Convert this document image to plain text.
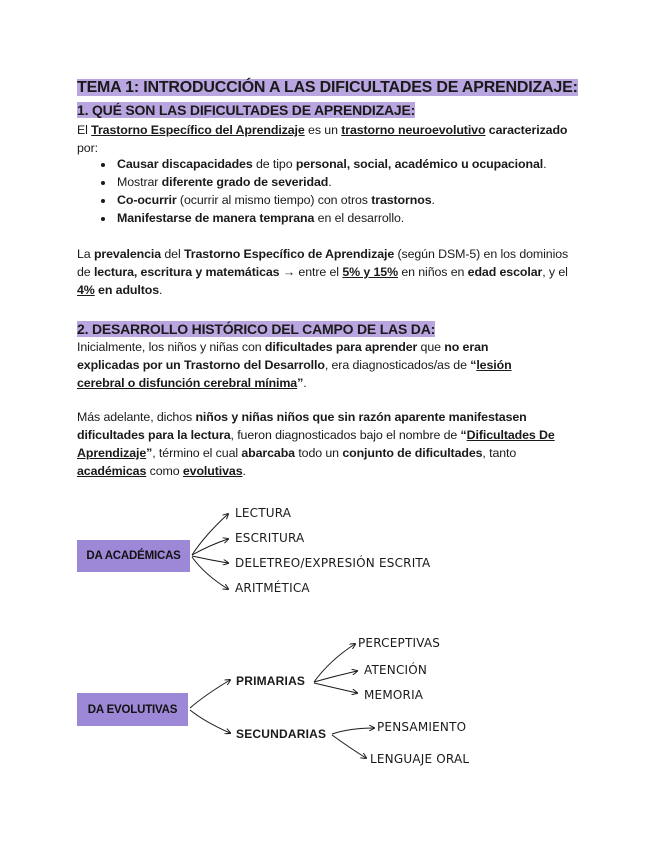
TEMA 1: INTRODUCCIÓN A LAS DIFICULTADES DE APRENDIZAJE:
1. QUÉ SON LAS DIFICULTADES DE APRENDIZAJE:

El Trastorno Específico del Aprendizaje es un trastorno neuroevolutivo caracterizado
por:

• Causar discapacidades de tipo personal, social, académico u ocupacional.
• Mostrar diferente grado de severidad.
• Co-ocurrir (ocurrir al mismo tiempo) con otros trastornos.
• Manifestarse de manera temprana en el desarrollo.

La prevalencia del Trastorno Específico de Aprendizaje (según DSM-5) en los dominios de lectura, escritura y matemáticas → entre el 5% y 15% en niños en edad escolar, y el 4% en adultos.

2. DESARROLLO HISTÓRICO DEL CAMPO DE LAS DA:

Inicialmente, los niños y niñas con dificultades para aprender que no eran explicadas por un Trastorno del Desarrollo, era diagnosticados/as de “lesión cerebral o disfunción cerebral mínima”.

Más adelante, dichos niños y niñas niños que sin razón aparente manifestasen dificultades para la lectura, fueron diagnosticados bajo el nombre de “Dificultades De Aprendizaje”, término el cual abarcaba todo un conjunto de dificultades, tanto académicas como evolutivas.

DA ACADÉMICAS
LECTURA
ESCRITURA
DELETREO/EXPRESIÓN ESCRITA
ARITMÉTICA
DA EVOLUTIVAS
PRIMARIAS
SECUNDARIAS
PERCEPTIVAS
ATENCIÓN
MEMORIA
PENSAMIENTO
LENGUAJE ORAL
